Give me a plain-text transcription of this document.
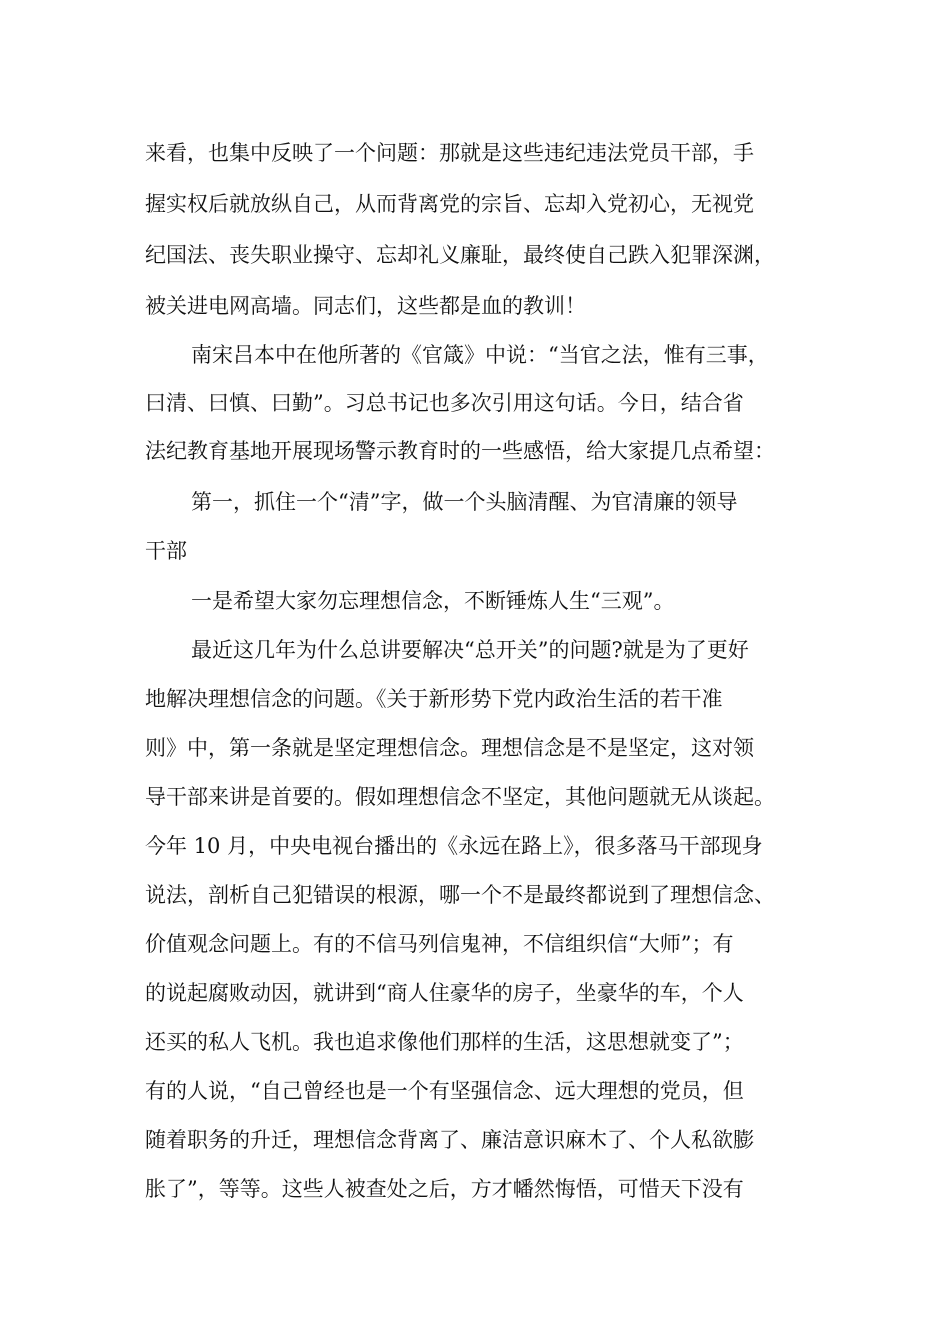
来看，也集中反映了一个问题：那就是这些违纪违法党员干部，手
握实权后就放纵自己，从而背离党的宗旨、忘却入党初心，无视党
纪国法、丧失职业操守、忘却礼义廉耻，最终使自己跌入犯罪深渊，
被关进电网高墙。同志们，这些都是血的教训！
南宋吕本中在他所著的《官箴》中说：“当官之法，惟有三事，
曰清、曰慎、曰勤”。习总书记也多次引用这句话。今日，结合省
法纪教育基地开展现场警示教育时的一些感悟，给大家提几点希望：
第一，抓住一个“清”字，做一个头脑清醒、为官清廉的领导
干部
一是希望大家勿忘理想信念，不断锤炼人生“三观”。
最近这几年为什么总讲要解决“总开关”的问题?就是为了更好
地解决理想信念的问题。《关于新形势下党内政治生活的若干准
则》中，第一条就是坚定理想信念。理想信念是不是坚定，这对领
导干部来讲是首要的。假如理想信念不坚定，其他问题就无从谈起。
今年 10 月，中央电视台播出的《永远在路上》，很多落马干部现身
说法，剖析自己犯错误的根源，哪一个不是最终都说到了理想信念、
价值观念问题上。有的不信马列信鬼神，不信组织信“大师”；有
的说起腐败动因，就讲到“商人住豪华的房子，坐豪华的车，个人
还买的私人飞机。我也追求像他们那样的生活，这思想就变了”；
有的人说，“自己曾经也是一个有坚强信念、远大理想的党员，但
随着职务的升迁，理想信念背离了、廉洁意识麻木了、个人私欲膨
胀了”，等等。这些人被查处之后，方才幡然悔悟，可惜天下没有
